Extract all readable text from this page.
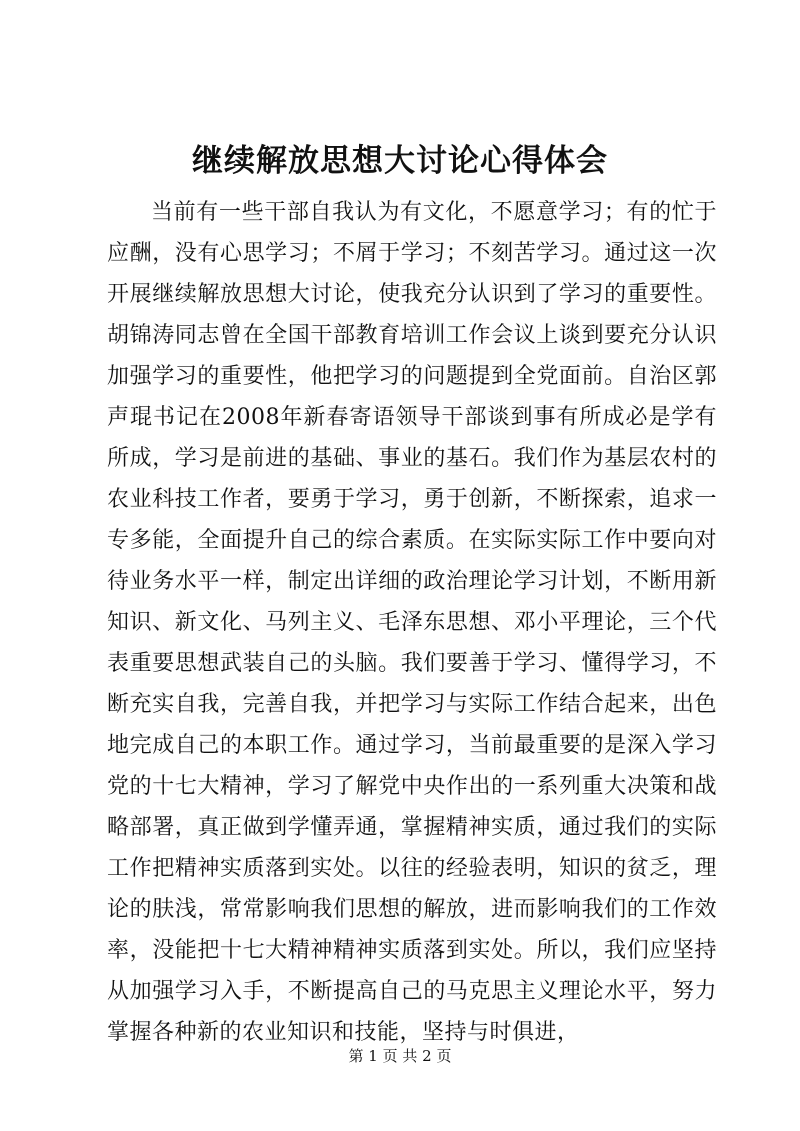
继续解放思想大讨论心得体会

当前有一些干部自我认为有文化，不愿意学习；有的忙于应酬，没有心思学习；不屑于学习；不刻苦学习。通过这一次开展继续解放思想大讨论，使我充分认识到了学习的重要性。胡锦涛同志曾在全国干部教育培训工作会议上谈到要充分认识加强学习的重要性，他把学习的问题提到全党面前。自治区郭声琨书记在2008年新春寄语领导干部谈到事有所成必是学有所成，学习是前进的基础、事业的基石。我们作为基层农村的农业科技工作者，要勇于学习，勇于创新，不断探索，追求一专多能，全面提升自己的综合素质。在实际实际工作中要向对待业务水平一样，制定出详细的政治理论学习计划，不断用新知识、新文化、马列主义、毛泽东思想、邓小平理论，三个代表重要思想武装自己的头脑。我们要善于学习、懂得学习，不断充实自我，完善自我，并把学习与实际工作结合起来，出色地完成自己的本职工作。通过学习，当前最重要的是深入学习党的十七大精神，学习了解党中央作出的一系列重大决策和战略部署，真正做到学懂弄通，掌握精神实质，通过我们的实际工作把精神实质落到实处。以往的经验表明，知识的贫乏，理论的肤浅，常常影响我们思想的解放，进而影响我们的工作效率，没能把十七大精神精神实质落到实处。所以，我们应坚持从加强学习入手，不断提高自己的马克思主义理论水平，努力掌握各种新的农业知识和技能，坚持与时俱进，

第 1 页 共 2 页
